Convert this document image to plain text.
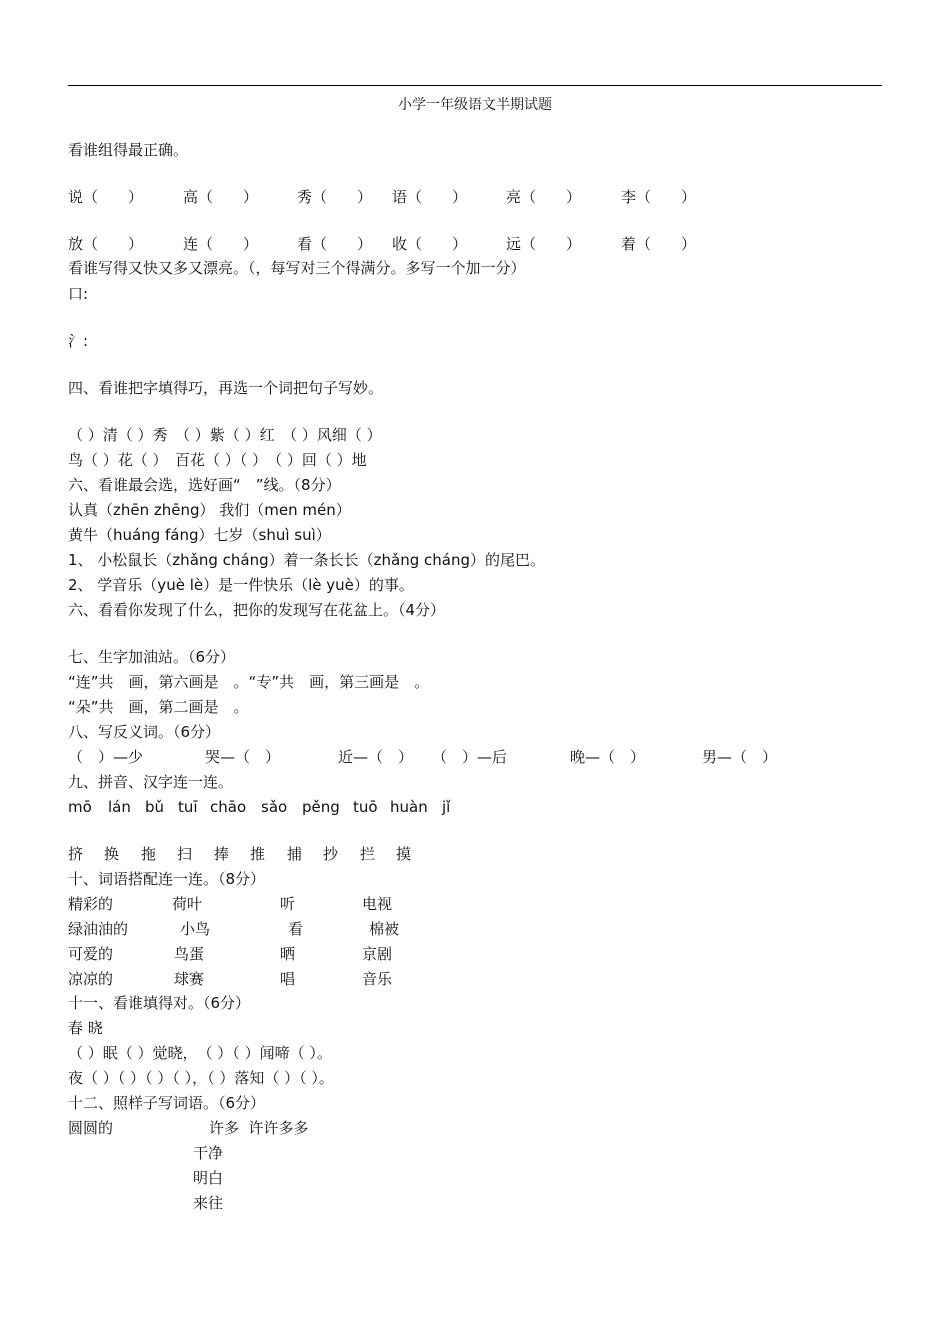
小学一年级语文半期试题
看谁组得最正确。
说（　　）	高（　　）	秀（　　） 语（　　）	亮（　　）	李（　　）
放（　　）	连（　　）	看（　　） 收（　　）	远（　　）	着（　　）
看谁写得又快又多又漂亮。（，每写对三个得满分。多写一个加一分）
口:
氵:
四、看谁把字填得巧，再选一个词把句子写妙。
（ ）清（ ）秀　（ ）紫（ ）红　（ ）风细（ ）
鸟（ ）花（ ）　百花（ ）（ ）　（ ）回（ ）地
六、看谁最会选，选好画“　”线。（8分）
认真（zhēn zhēng） 我们（men mén）
黄牛（huáng fáng）七岁（shuì suì）
1、 小松鼠长（zhǎng cháng）着一条长长（zhǎng cháng）的尾巴。
2、 学音乐（yuè lè）是一件快乐（lè yuè）的事。
六、看看你发现了什么，把你的发现写在花盆上。（4分）
七、生字加油站。（6分）
“连”共　画，第六画是　。“专”共　画，第三画是　。
“朵”共　画，第二画是　。
八、写反义词。（6分）
（　）—少	哭—（　）	近—（　） （　）—后	晚—（　）	男—（　）
九、拼音、汉字连一连。
mō lán bǔ tuī chāo sǎo pěng tuō huàn jǐ
挤 换 拖 扫 捧 推 捕 抄 拦 摸
十、词语搭配连一连。（8分）
精彩的	荷叶	听	电视
绿油油的	小鸟	看	棉被
可爱的	鸟蛋	晒	京剧
凉凉的	球赛	唱	音乐
十一、看谁填得对。（6分）
春 晓
（ ）眠（ ）觉晓，　（ ）（ ）闻啼（ ）。
夜（ ）（ ）（ ）（ ），（ ）落知（ ）（ ）。
十二、照样子写词语。（6分）
圆圆的	许多  许许多多
干净
明白
来往
